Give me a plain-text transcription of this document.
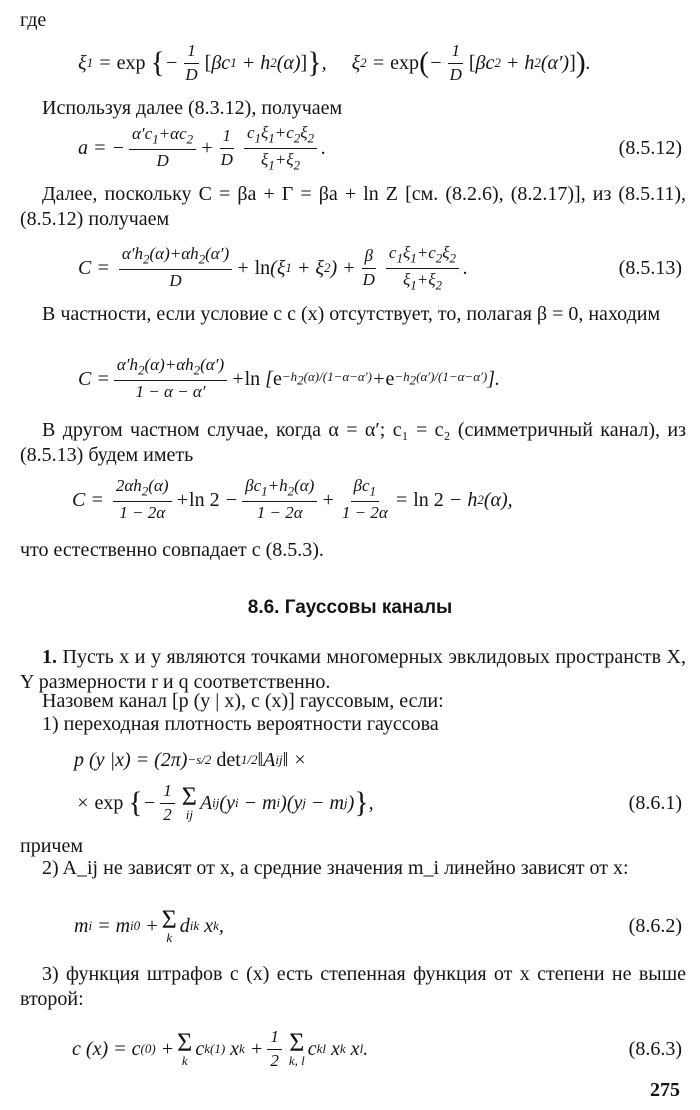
где
ξ 1 = exp
{ − $\frac{1}{D}$ [ β c 1 + h 2 (α) ] } ,     ξ 2 = exp ( − $\frac{1}{D}$ [ β c 2 + h 2 (α′) ] ) .
Используя далее (8.3.12), получаем
a = − $\frac{\alpha'c_1+\alpha c_2}{D} + \frac{1}{D} \frac{c_1\xi_1+c_2\xi_2}{\xi_1+\xi_2}$ .	(8.5.12)
Далее, поскольку C = βa + Γ = βa + ln Z [см. (8.2.6), (8.2.17)], из (8.5.11), (8.5.12) получаем
$C = \frac{\alpha'h_2(\alpha)+\alpha h_2(\alpha')}{D} + \ln (\xi$ 1 + ξ 2 ) + $\frac{\beta}{D} \frac{c_1\xi_1+c_2\xi_2}{\xi_1+\xi_2}$ .	(8.5.13)
В частности, если условие с c (x) отсутствует, то, полагая β = 0, находим
$C = \frac{\alpha'h_2(\alpha)+\alpha h_2(\alpha')}{1 - \alpha - \alpha'} + \ln$ [ $e -h_2(\alpha)/(1-\alpha-\alpha') + e -h_2(\alpha')/(1-\alpha-\alpha')$ ].
В другом частном случае, когда α = α′; c₁ = c₂ (симметричный канал), из (8.5.13) будем иметь
$C = \frac{2\alpha h_2(\alpha)}{1 - 2\alpha} + \ln 2 - \frac{\beta c_1+h_2(\alpha)}{1 - 2\alpha} + \frac{\beta c_1}{1 - 2\alpha} = \ln 2 - h$ 2 (α),
что естественно совпадает с (8.5.3).
8.6. Гауссовы каналы
1. Пусть x и y являются точками многомерных эвклидовых пространств X, Y размерности r и q соответственно.
Назовем канал [p (y | x), c (x)] гауссовым, если:
1) переходная плотность вероятности гауссова
p ( y | x ) = (2π) −s/2
det 1/2 ‖ A ij ‖ ×
× exp
{ − $\frac{1}{2}$ Σ
ij
A ij ( y i − m i )( y j − m j ) } ,	(8.6.1)
причем
2) A_ij не зависят от x, а средние значения m_i линейно зависят от x:
m i = m i 0 + Σ
k
d ik
x k ,	(8.6.2)
3) функция штрафов c (x) есть степенная функция от x степени не выше второй:
c ( x ) = c (0) + Σ
k
c k (1)
x $k + \frac{1}{2}$ Σ
k, l
c kl
x k
x l .	(8.6.3)
275
